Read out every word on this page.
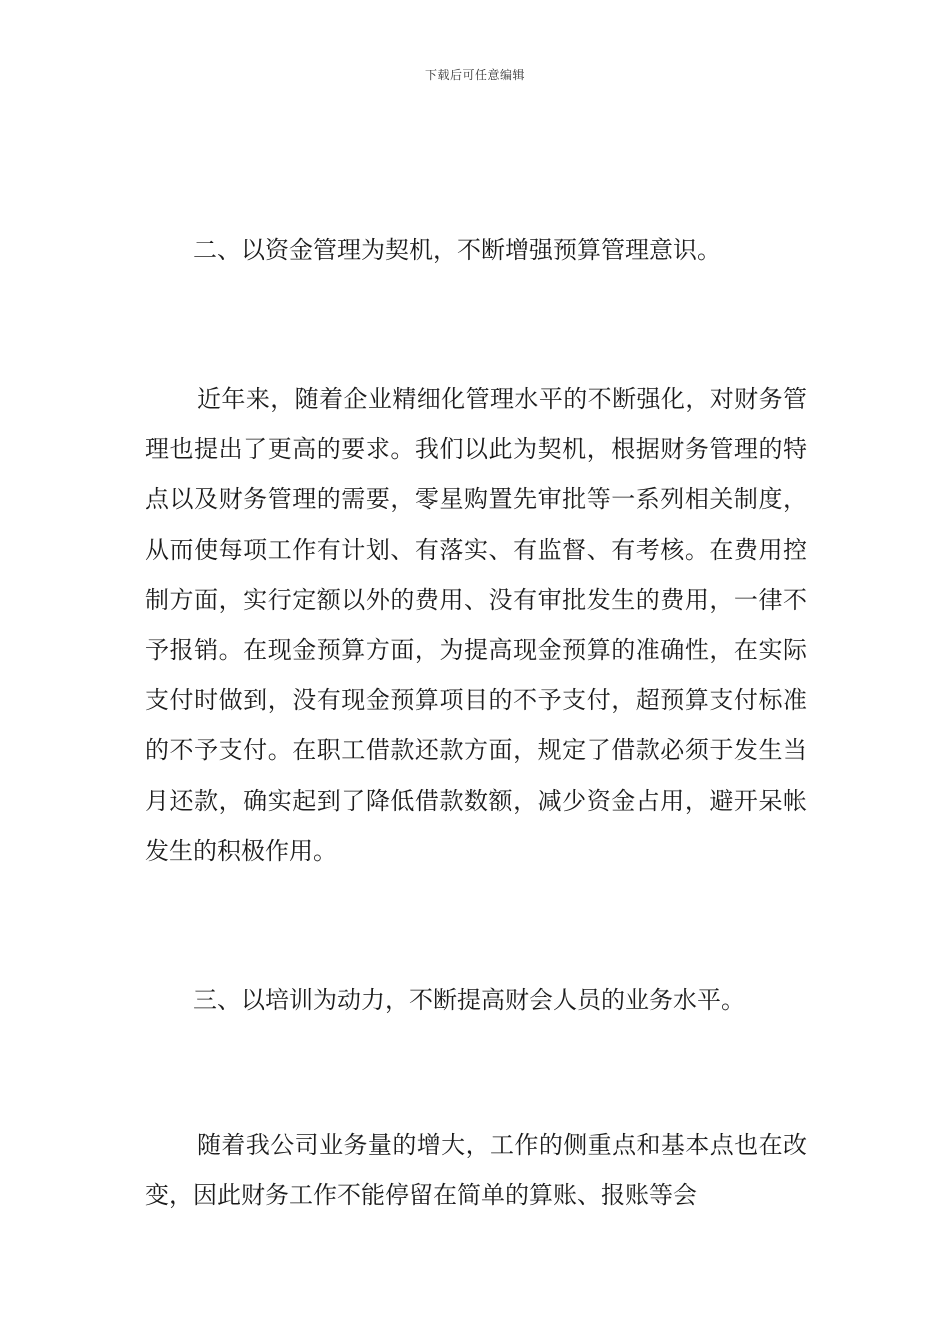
下载后可任意编辑
二、以资金管理为契机，不断增强预算管理意识。
近年来，随着企业精细化管理水平的不断强化，对财务管理也提出了更高的要求。我们以此为契机，根据财务管理的特点以及财务管理的需要，零星购置先审批等一系列相关制度，从而使每项工作有计划、有落实、有监督、有考核。在费用控制方面，实行定额以外的费用、没有审批发生的费用，一律不予报销。在现金预算方面，为提高现金预算的准确性，在实际支付时做到，没有现金预算项目的不予支付，超预算支付标准的不予支付。在职工借款还款方面，规定了借款必须于发生当月还款，确实起到了降低借款数额，减少资金占用，避开呆帐发生的积极作用。
三、以培训为动力，不断提高财会人员的业务水平。
随着我公司业务量的增大，工作的侧重点和基本点也在改变，因此财务工作不能停留在简单的算账、报账等会
